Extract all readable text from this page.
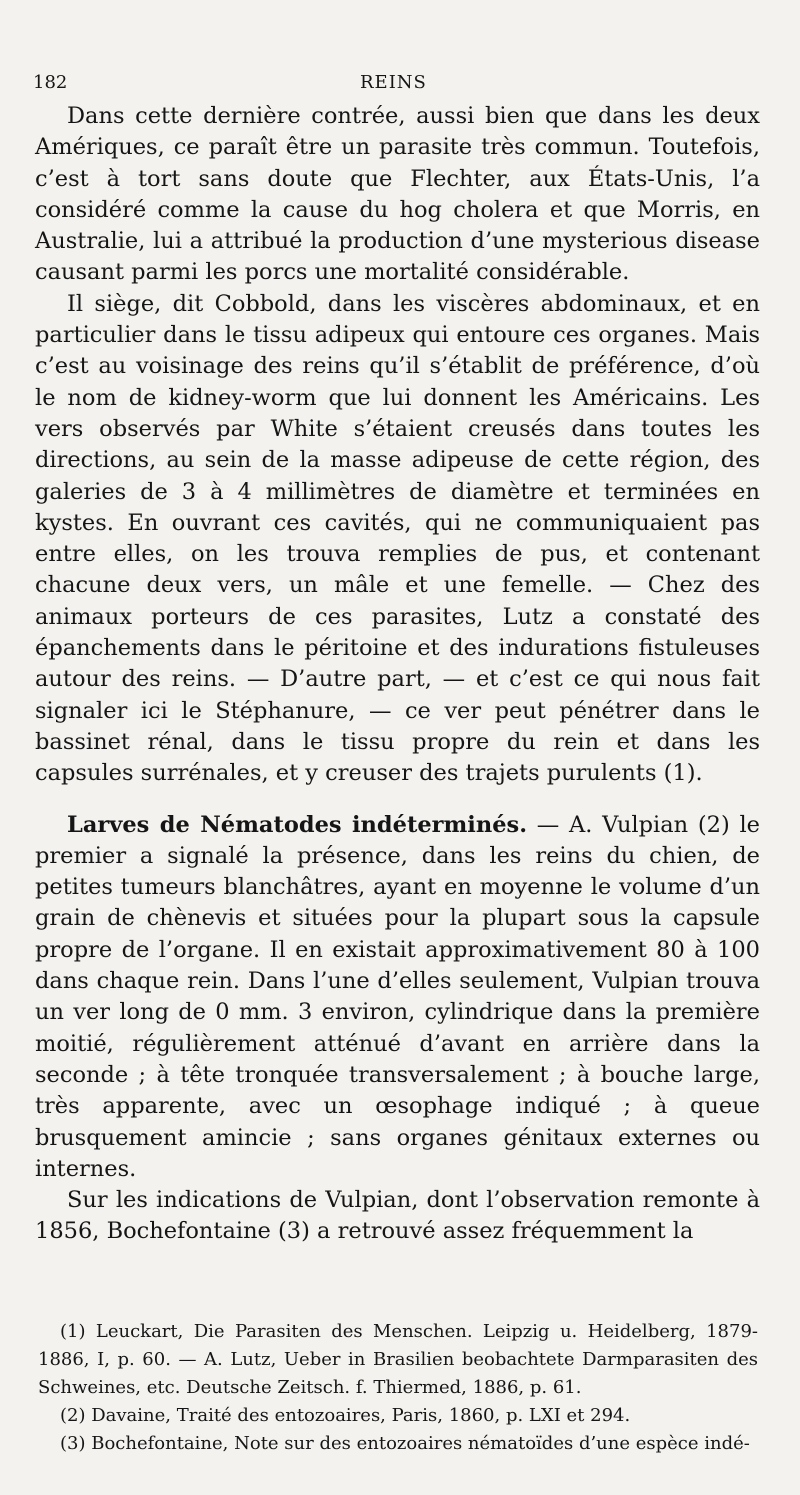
182	REINS

Dans cette dernière contrée, aussi bien que dans les deux Amériques, ce paraît être un parasite très commun. Toutefois, c’est à tort sans doute que Flechter, aux États-Unis, l’a considéré comme la cause du hog cholera et que Morris, en Australie, lui a attribué la production d’une mysterious disease causant parmi les porcs une mortalité considérable.

Il siège, dit Cobbold, dans les viscères abdominaux, et en particulier dans le tissu adipeux qui entoure ces organes. Mais c’est au voisinage des reins qu’il s’établit de préférence, d’où le nom de kidney-worm que lui donnent les Américains. Les vers observés par White s’étaient creusés dans toutes les directions, au sein de la masse adipeuse de cette région, des galeries de 3 à 4 millimètres de diamètre et terminées en kystes. En ouvrant ces cavités, qui ne communiquaient pas entre elles, on les trouva remplies de pus, et contenant chacune deux vers, un mâle et une femelle. — Chez des animaux porteurs de ces parasites, Lutz a constaté des épanchements dans le péritoine et des indurations fistuleuses autour des reins. — D’autre part, — et c’est ce qui nous fait signaler ici le Stéphanure, — ce ver peut pénétrer dans le bassinet rénal, dans le tissu propre du rein et dans les capsules surrénales, et y creuser des trajets purulents (1).

Larves de Nématodes indéterminés. — A. Vulpian (2) le premier a signalé la présence, dans les reins du chien, de petites tumeurs blanchâtres, ayant en moyenne le volume d’un grain de chènevis et situées pour la plupart sous la capsule propre de l’organe. Il en existait approximativement 80 à 100 dans chaque rein. Dans l’une d’elles seulement, Vulpian trouva un ver long de 0 mm. 3 environ, cylindrique dans la première moitié, régulièrement atténué d’avant en arrière dans la seconde ; à tête tronquée transversalement ; à bouche large, très apparente, avec un œsophage indiqué ; à queue brusquement amincie ; sans organes génitaux externes ou internes.

Sur les indications de Vulpian, dont l’observation remonte à 1856, Bochefontaine (3) a retrouvé assez fréquemment la

(1) Leuckart, Die Parasiten des Menschen. Leipzig u. Heidelberg, 1879-1886, I, p. 60. — A. Lutz, Ueber in Brasilien beobachtete Darmparasiten des Schweines, etc. Deutsche Zeitsch. f. Thiermed, 1886, p. 61.

(2) Davaine, Traité des entozoaires, Paris, 1860, p. LXI et 294.

(3) Bochefontaine, Note sur des entozoaires nématoïdes d’une espèce indé-
